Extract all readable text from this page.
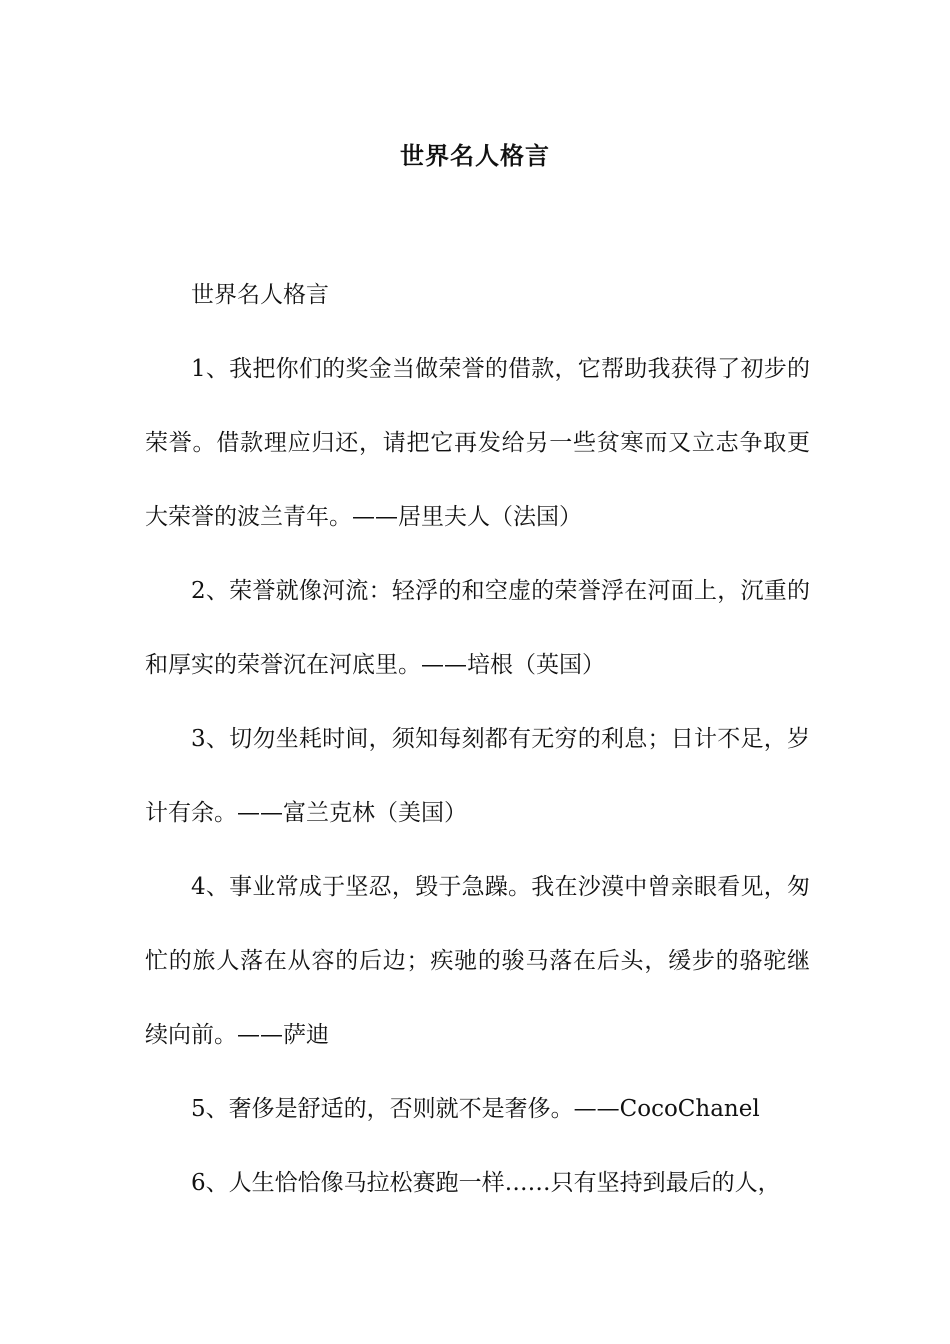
世界名人格言

世界名人格言

1、我把你们的奖金当做荣誉的借款，它帮助我获得了初步的荣誉。借款理应归还，请把它再发给另一些贫寒而又立志争取更大荣誉的波兰青年。——居里夫人（法国）

2、荣誉就像河流：轻浮的和空虚的荣誉浮在河面上，沉重的和厚实的荣誉沉在河底里。——培根（英国）

3、切勿坐耗时间，须知每刻都有无穷的利息；日计不足，岁计有余。——富兰克林（美国）

4、事业常成于坚忍，毁于急躁。我在沙漠中曾亲眼看见，匆忙的旅人落在从容的后边；疾驰的骏马落在后头，缓步的骆驼继续向前。——萨迪

5、奢侈是舒适的，否则就不是奢侈。——CocoChanel

6、人生恰恰像马拉松赛跑一样……只有坚持到最后的人，
